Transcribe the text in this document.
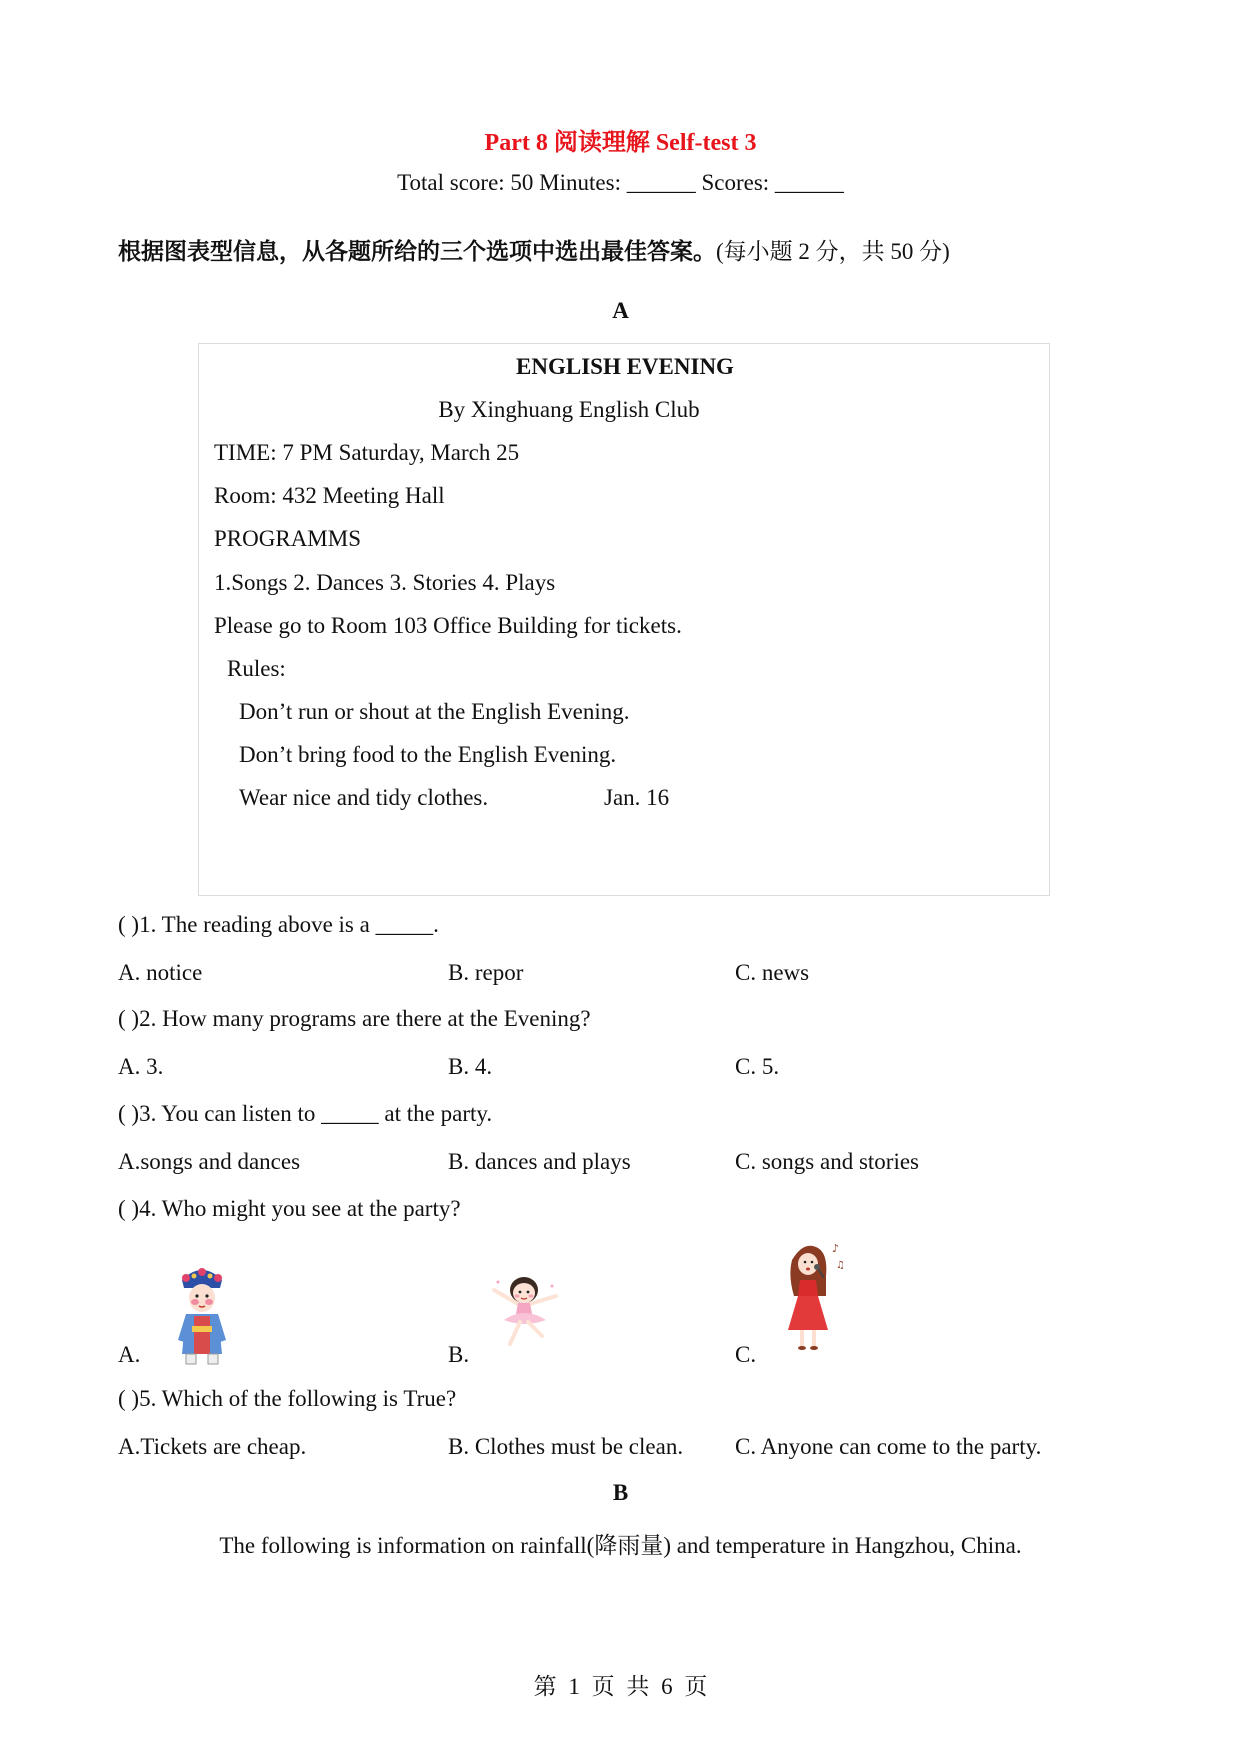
Part 8 阅读理解 Self-test 3
Total score: 50 Minutes: ______ Scores: ______
根据图表型信息，从各题所给的三个选项中选出最佳答案。(每小题 2 分，共 50 分)
A
ENGLISH EVENING
By Xinghuang English Club
TIME: 7 PM Saturday, March 25
Room: 432 Meeting Hall
PROGRAMMS
1.Songs 2. Dances 3. Stories 4. Plays
Please go to Room 103 Office Building for tickets.
Rules:
Don’t run or shout at the English Evening.
Don’t bring food to the English Evening.
Wear nice and tidy clothes.	Jan. 16
( )1. The reading above is a _____.
A. notice	B. repor	C. news
( )2. How many programs are there at the Evening?
A. 3.	B. 4.	C. 5.
( )3. You can listen to _____ at the party.
A.songs and dances	B. dances and plays	C. songs and stories
( )4. Who might you see at the party?
A.	B.	C.
♪
♫
( )5. Which of the following is True?
A.Tickets are cheap.	B. Clothes must be clean. C. Anyone can come to the party.
B
The following is information on rainfall(降雨量) and temperature in Hangzhou, China.
第 1 页 共 6 页
